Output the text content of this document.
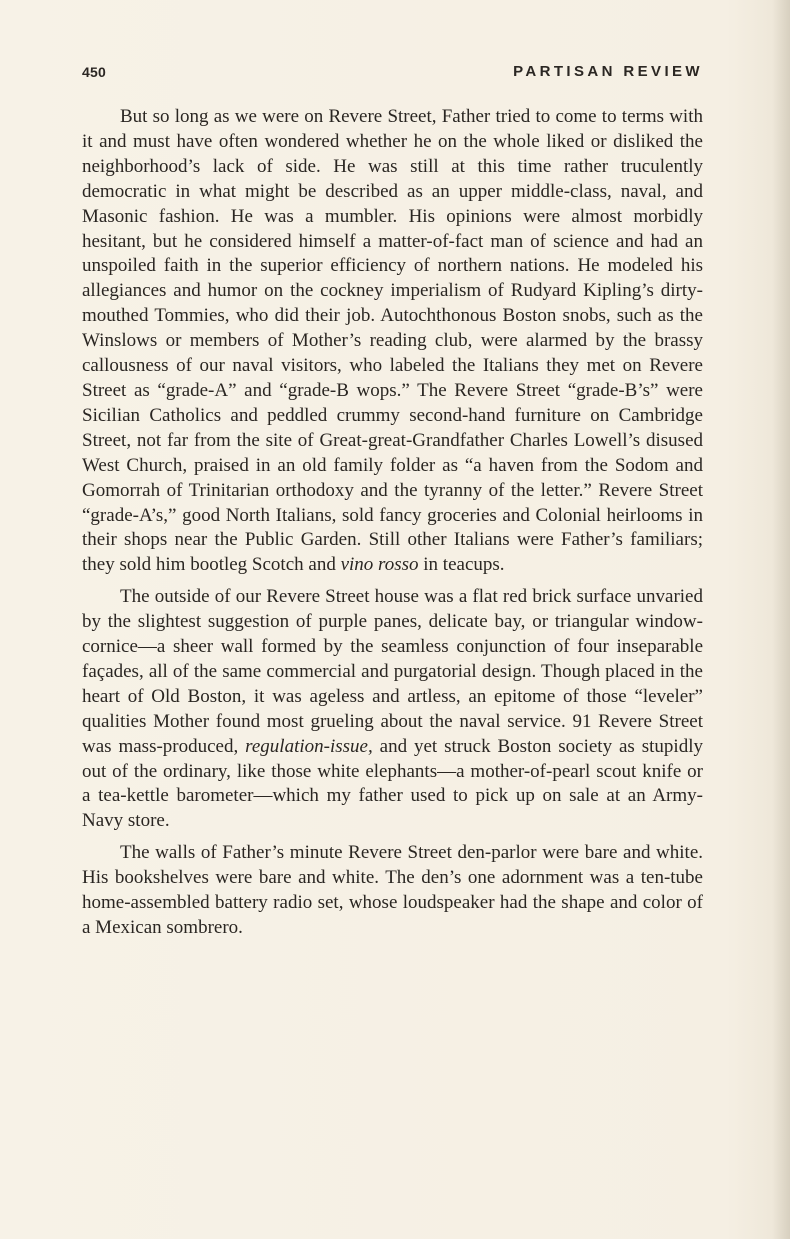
450	PARTISAN REVIEW

But so long as we were on Revere Street, Father tried to come to terms with it and must have often wondered whether he on the whole liked or disliked the neighborhood’s lack of side. He was still at this time rather truculently democratic in what might be described as an upper middle-class, naval, and Masonic fashion. He was a mumbler. His opinions were almost morbidly hesitant, but he considered himself a matter-of-fact man of science and had an unspoiled faith in the superior efficiency of northern nations. He modeled his allegiances and humor on the cockney imperialism of Rudyard Kipling’s dirty-mouthed Tommies, who did their job. Autochthonous Boston snobs, such as the Winslows or members of Mother’s reading club, were alarmed by the brassy callousness of our naval visitors, who labeled the Italians they met on Revere Street as “grade-A” and “grade-B wops.” The Revere Street “grade-B’s” were Sicilian Catholics and peddled crummy second-hand furniture on Cambridge Street, not far from the site of Great-great-Grandfather Charles Lowell’s disused West Church, praised in an old family folder as “a haven from the Sodom and Gomorrah of Trinitarian orthodoxy and the tyranny of the letter.” Revere Street “grade-A’s,” good North Italians, sold fancy groceries and Colonial heirlooms in their shops near the Public Garden. Still other Italians were Father’s familiars; they sold him bootleg Scotch and vino rosso in teacups.

The outside of our Revere Street house was a flat red brick surface unvaried by the slightest suggestion of purple panes, delicate bay, or triangular window-cornice—a sheer wall formed by the seamless conjunction of four inseparable façades, all of the same commercial and purgatorial design. Though placed in the heart of Old Boston, it was ageless and artless, an epitome of those “leveler” qualities Mother found most grueling about the naval service. 91 Revere Street was mass-produced, regulation-issue, and yet struck Boston society as stupidly out of the ordinary, like those white elephants—a mother-of-pearl scout knife or a tea-kettle barometer—which my father used to pick up on sale at an Army-Navy store.

The walls of Father’s minute Revere Street den-parlor were bare and white. His bookshelves were bare and white. The den’s one adornment was a ten-tube home-assembled battery radio set, whose loudspeaker had the shape and color of a Mexican sombrero.
